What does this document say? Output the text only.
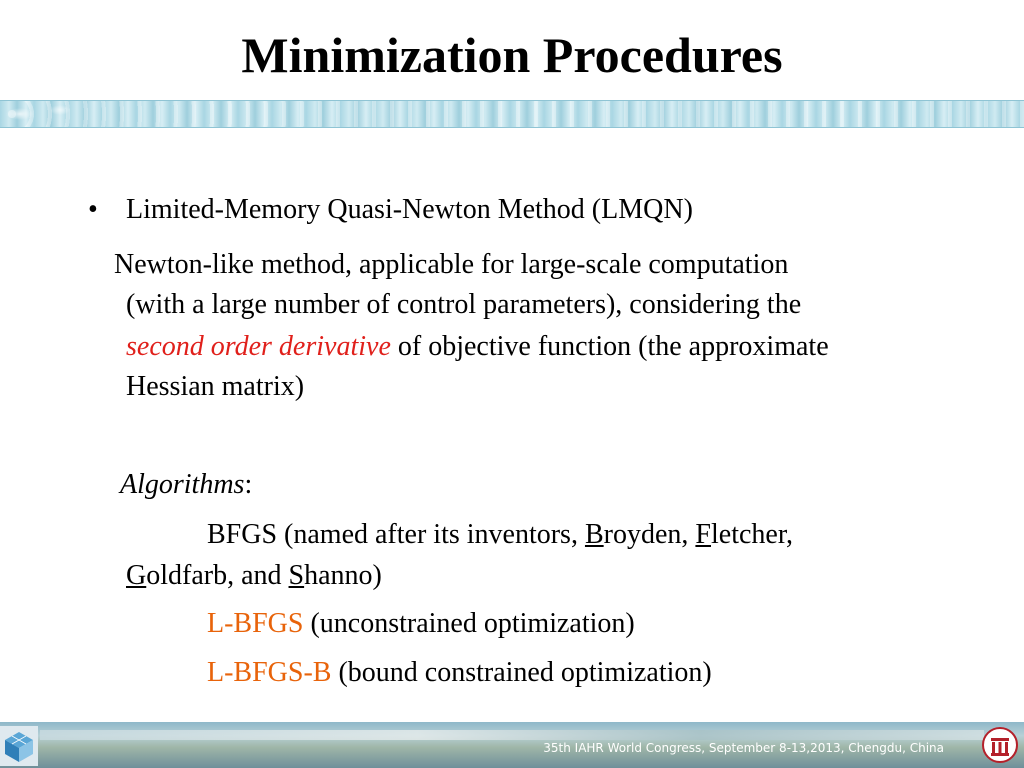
Minimization Procedures
• Limited-Memory Quasi-Newton Method (LMQN)
Newton-like method, applicable for large-scale computation
(with a large number of control parameters), considering the
second order derivative of objective function (the approximate
Hessian matrix)
Algorithms:
BFGS (named after its inventors, Broyden, Fletcher,
Goldfarb, and Shanno)
L-BFGS (unconstrained optimization)
L-BFGS-B (bound constrained optimization)
35th IAHR World Congress, September 8-13,2013, Chengdu, China
